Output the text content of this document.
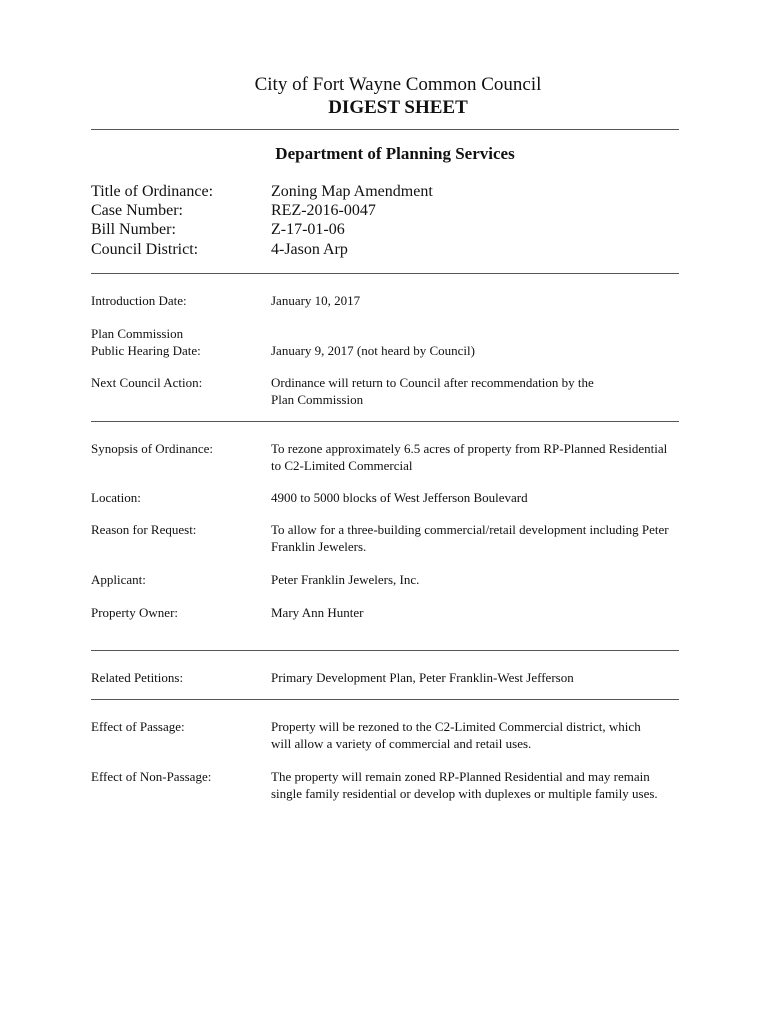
City of Fort Wayne Common Council
DIGEST SHEET
Department of Planning Services
Title of Ordinance:	Zoning Map Amendment
Case Number:	REZ-2016-0047
Bill Number:	Z-17-01-06
Council District:	4-Jason Arp
Introduction Date:	January 10, 2017
Plan Commission
Public Hearing Date:	January 9, 2017 (not heard by Council)
Next Council Action:	Ordinance will return to Council after recommendation by the
Plan Commission
Synopsis of Ordinance:	To rezone approximately 6.5 acres of property from RP-Planned Residential
to C2-Limited Commercial
Location:	4900 to 5000 blocks of West Jefferson Boulevard
Reason for Request:	To allow for a three-building commercial/retail development including Peter
Franklin Jewelers.
Applicant:	Peter Franklin Jewelers, Inc.
Property Owner:	Mary Ann Hunter
Related Petitions:	Primary Development Plan, Peter Franklin-West Jefferson
Effect of Passage:	Property will be rezoned to the C2-Limited Commercial district, which
will allow a variety of commercial and retail uses.
Effect of Non-Passage:	The property will remain zoned RP-Planned Residential and may remain
single family residential or develop with duplexes or multiple family uses.
